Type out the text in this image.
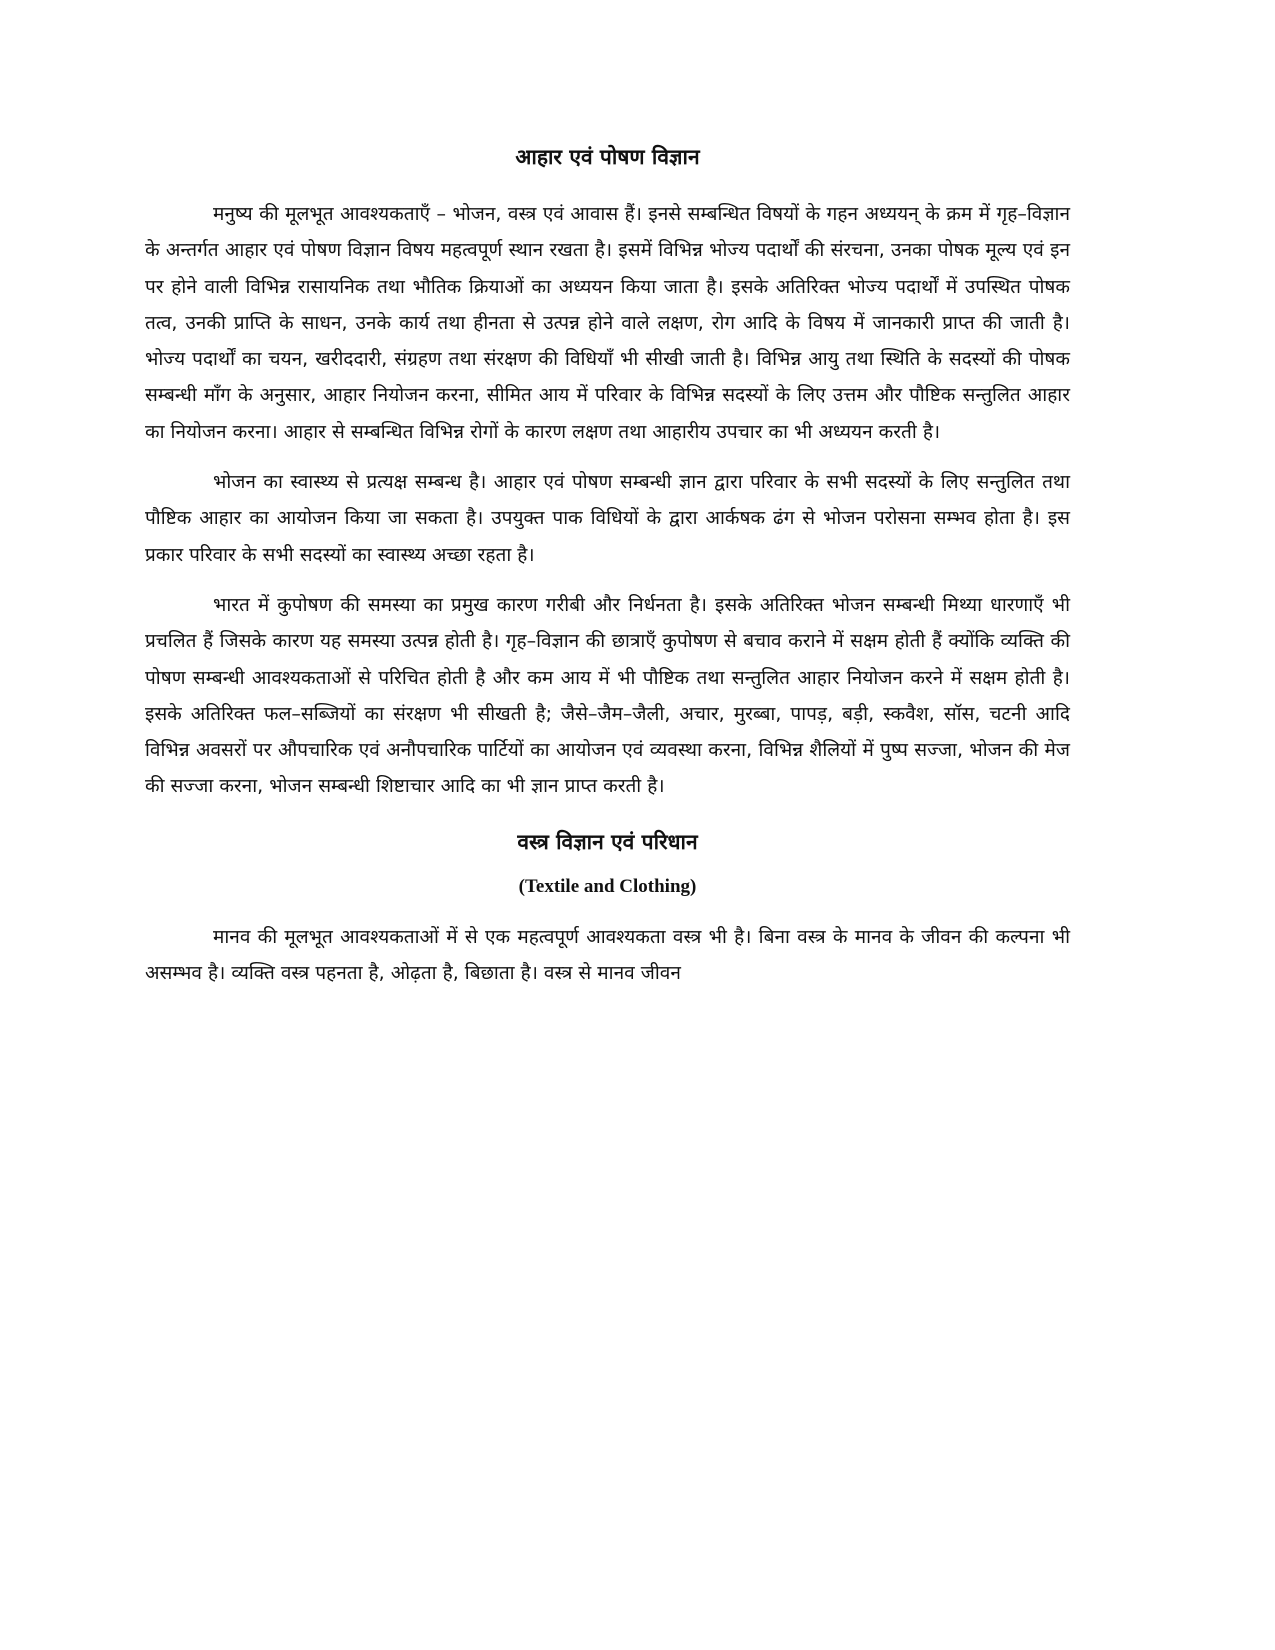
आहार एवं पोषण विज्ञान

मनुष्य की मूलभूत आवश्यकताएँ – भोजन, वस्त्र एवं आवास हैं। इनसे सम्बन्धित विषयों के गहन अध्ययन् के क्रम में गृह–विज्ञान के अन्तर्गत आहार एवं पोषण विज्ञान विषय महत्वपूर्ण स्थान रखता है। इसमें विभिन्न भोज्य पदार्थों की संरचना, उनका पोषक मूल्य एवं इन पर होने वाली विभिन्न रासायनिक तथा भौतिक क्रियाओं का अध्ययन किया जाता है। इसके अतिरिक्त भोज्य पदार्थों में उपस्थित पोषक तत्व, उनकी प्राप्ति के साधन, उनके कार्य तथा हीनता से उत्पन्न होने वाले लक्षण, रोग आदि के विषय में जानकारी प्राप्त की जाती है। भोज्य पदार्थों का चयन, खरीददारी, संग्रहण तथा संरक्षण की विधियाँ भी सीखी जाती है। विभिन्न आयु तथा स्थिति के सदस्यों की पोषक सम्बन्धी माँग के अनुसार, आहार नियोजन करना, सीमित आय में परिवार के विभिन्न सदस्यों के लिए उत्तम और पौष्टिक सन्तुलित आहार का नियोजन करना। आहार से सम्बन्धित विभिन्न रोगों के कारण लक्षण तथा आहारीय उपचार का भी अध्ययन करती है।

भोजन का स्वास्थ्य से प्रत्यक्ष सम्बन्ध है। आहार एवं पोषण सम्बन्धी ज्ञान द्वारा परिवार के सभी सदस्यों के लिए सन्तुलित तथा पौष्टिक आहार का आयोजन किया जा सकता है। उपयुक्त पाक विधियों के द्वारा आर्कषक ढंग से भोजन परोसना सम्भव होता है। इस प्रकार परिवार के सभी सदस्यों का स्वास्थ्य अच्छा रहता है।

भारत में कुपोषण की समस्या का प्रमुख कारण गरीबी और निर्धनता है। इसके अतिरिक्त भोजन सम्बन्धी मिथ्या धारणाएँ भी प्रचलित हैं जिसके कारण यह समस्या उत्पन्न होती है। गृह–विज्ञान की छात्राएँ कुपोषण से बचाव कराने में सक्षम होती हैं क्योंकि व्यक्ति की पोषण सम्बन्धी आवश्यकताओं से परिचित होती है और कम आय में भी पौष्टिक तथा सन्तुलित आहार नियोजन करने में सक्षम होती है। इसके अतिरिक्त फल–सब्जियों का संरक्षण भी सीखती है; जैसे–जैम–जैली, अचार, मुरब्बा, पापड़, बड़ी, स्कवैश, सॉस, चटनी आदि विभिन्न अवसरों पर औपचारिक एवं अनौपचारिक पार्टियों का आयोजन एवं व्यवस्था करना, विभिन्न शैलियों में पुष्प सज्जा, भोजन की मेज की सज्जा करना, भोजन सम्बन्धी शिष्टाचार आदि का भी ज्ञान प्राप्त करती है।

वस्त्र विज्ञान एवं परिधान
(Textile and Clothing)

मानव की मूलभूत आवश्यकताओं में से एक महत्वपूर्ण आवश्यकता वस्त्र भी है। बिना वस्त्र के मानव के जीवन की कल्पना भी असम्भव है। व्यक्ति वस्त्र पहनता है, ओढ़ता है, बिछाता है। वस्त्र से मानव जीवन
